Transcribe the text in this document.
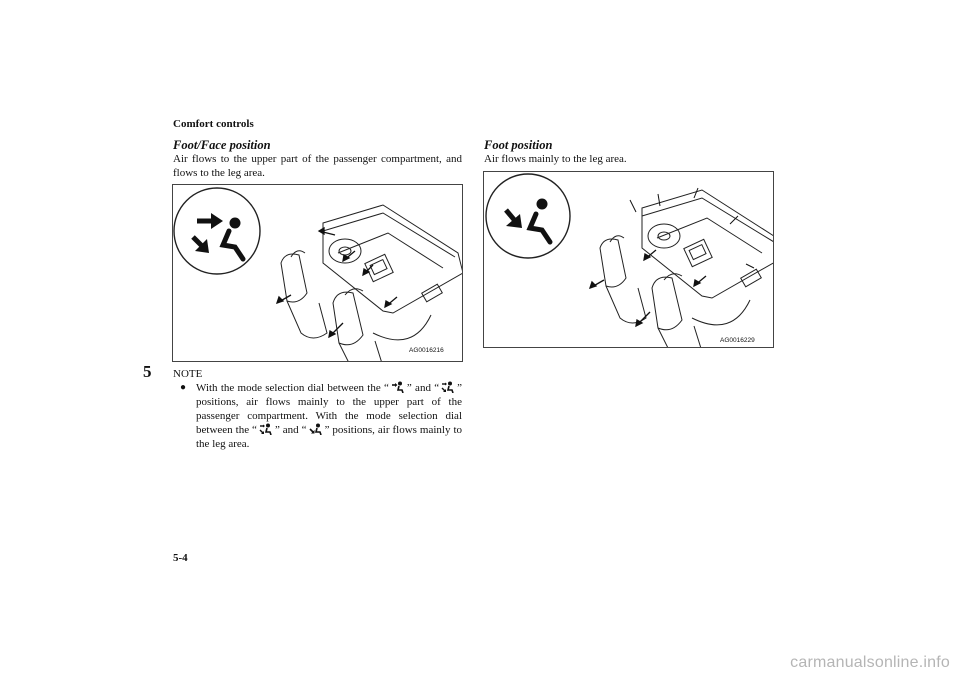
Comfort controls
5
Foot/Face position
Air flows to the upper part of the passenger compartment, and flows to the leg area.
AG0016216
NOTE
● With the mode selection dial between the “ ” and “ ” positions, air flows mainly to the upper part of the passenger compartment. With the mode selection dial between the “ ” and “ ” positions, air flows mainly to the leg area.
Foot position
Air flows mainly to the leg area.
AG0016229
5-4
carmanualsonline.info
